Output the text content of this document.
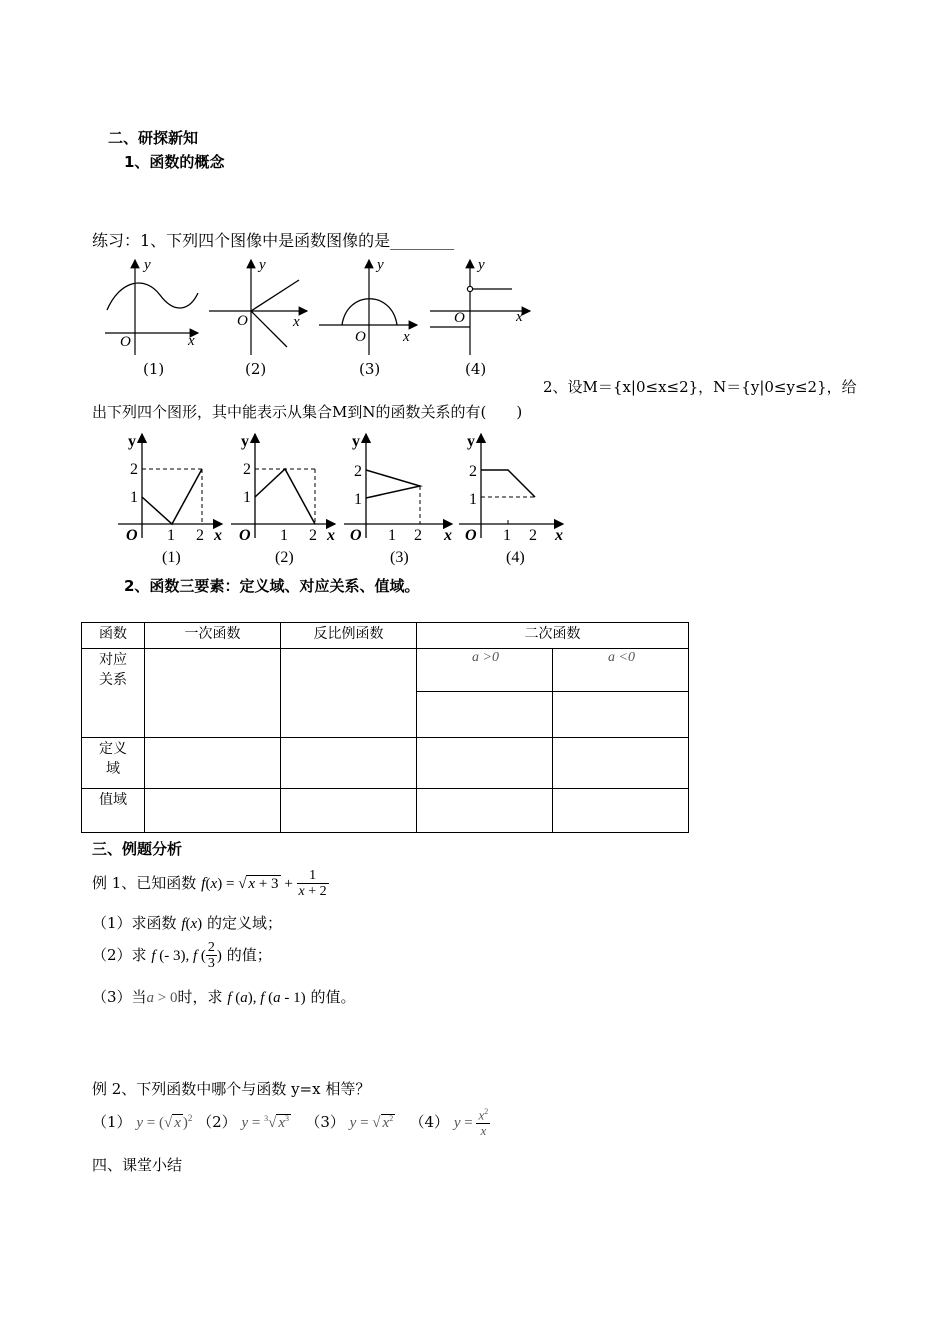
二、研探新知
1、函数的概念
练习：1、下列四个图像中是函数图像的是________
y
O	x
y
O	x
y
O x
y
O	x
(1)	(2)	(3)	(4)
2、设M＝{x|0≤x≤2}，N＝{y|0≤y≤2}，给
出下列四个图形，其中能表示从集合M到N的函数关系的有(　　)
y
2
1
O 1 2 x
y
2
1
O 1 2 x
y
2
1
O 1 2 x
y
2
1
O 1 2 x
(1)	(2)	(3)	(4)
2、函数三要素：定义域、对应关系、值域。
函数	一次函数	反比例函数	二次函数	

对应
关系			a >0	a <0

定义
域				

值域				
三、例题分析
例 1、已知函数 f(x) = √ $x + 3 + \frac{1}{x + 2}$
（1）求函数 f(x) 的定义域；
（2）求 f (- 3), f ( $\frac{2}{3}$ ) 的值；
（3）当a > 0时，求 f (a), f (a - 1) 的值。
例 2、下列函数中哪个与函数 y=x 相等？
（1） y = (√ x )$^2$ （2） y = $^3$√ $x^3$ （3） y = √ $x^2$ （4） $y = \frac{x^2}{x}$
四、课堂小结
